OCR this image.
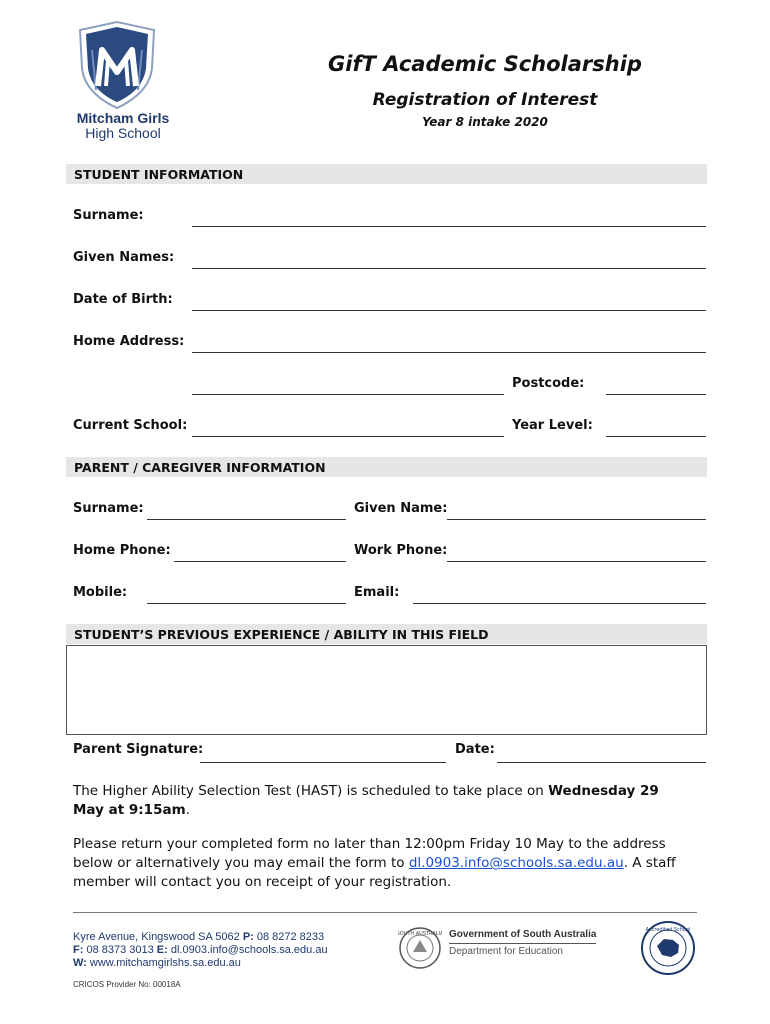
Mitcham Girls
High School
GifT Academic Scholarship
Registration of Interest
Year 8 intake 2020
STUDENT INFORMATION
Surname:
Given Names:
Date of Birth:
Home Address:
Postcode:
Current School:	Year Level:
PARENT / CAREGIVER INFORMATION
Surname:	Given Name:
Home Phone:	Work Phone:
Mobile:	Email:
STUDENT’S PREVIOUS EXPERIENCE / ABILITY IN THIS FIELD
Parent Signature:	Date:
The Higher Ability Selection Test (HAST) is scheduled to take place on Wednesday 29 May at 9:15am.
Please return your completed form no later than 12:00pm Friday 10 May to the address below or alternatively you may email the form to dl.0903.info@schools.sa.edu.au. A staff member will contact you on receipt of your registration.
Kyre Avenue, Kingswood SA 5062 P: 08 8272 8233
F: 08 8373 3013 E: dl.0903.info@schools.sa.edu.au
W: www.mitchamgirlshs.sa.edu.au
CRICOS Provider No: 00018A
SOUTH AUSTRALIA Government of South Australia
Department for Education
Accredited School
